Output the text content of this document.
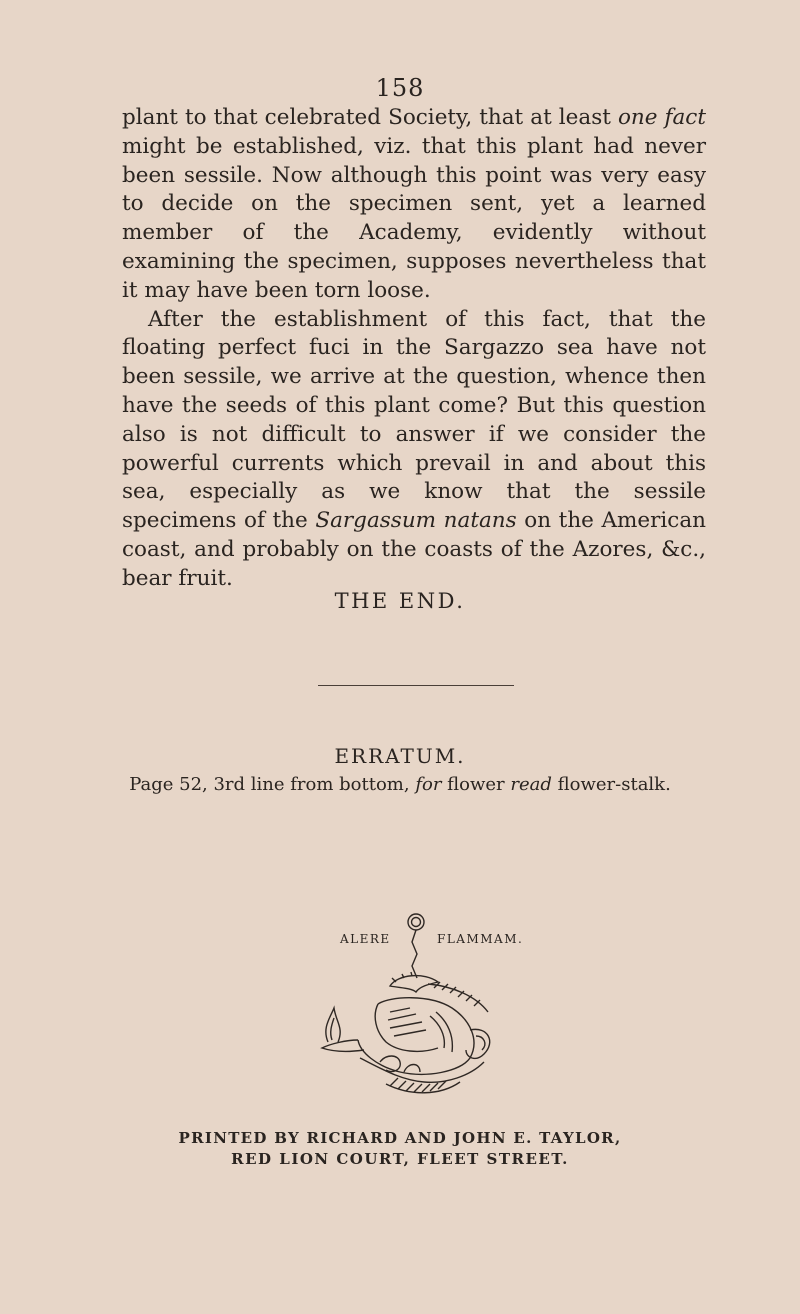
158

plant to that celebrated Society, that at least one fact might be established, viz. that this plant had never been sessile. Now although this point was very easy to decide on the specimen sent, yet a learned member of the Academy, evidently without examining the specimen, supposes nevertheless that it may have been torn loose.

After the establishment of this fact, that the floating perfect fuci in the Sargazzo sea have not been sessile, we arrive at the question, whence then have the seeds of this plant come? But this question also is not difficult to answer if we consider the powerful currents which prevail in and about this sea, especially as we know that the sessile specimens of the Sargassum natans on the American coast, and probably on the coasts of the Azores, &c., bear fruit.

THE END.
ERRATUM.
Page 52, 3rd line from bottom, for flower read flower-stalk.
ALERE	FLAMMAM.
PRINTED BY RICHARD AND JOHN E. TAYLOR,
RED LION COURT, FLEET STREET.
